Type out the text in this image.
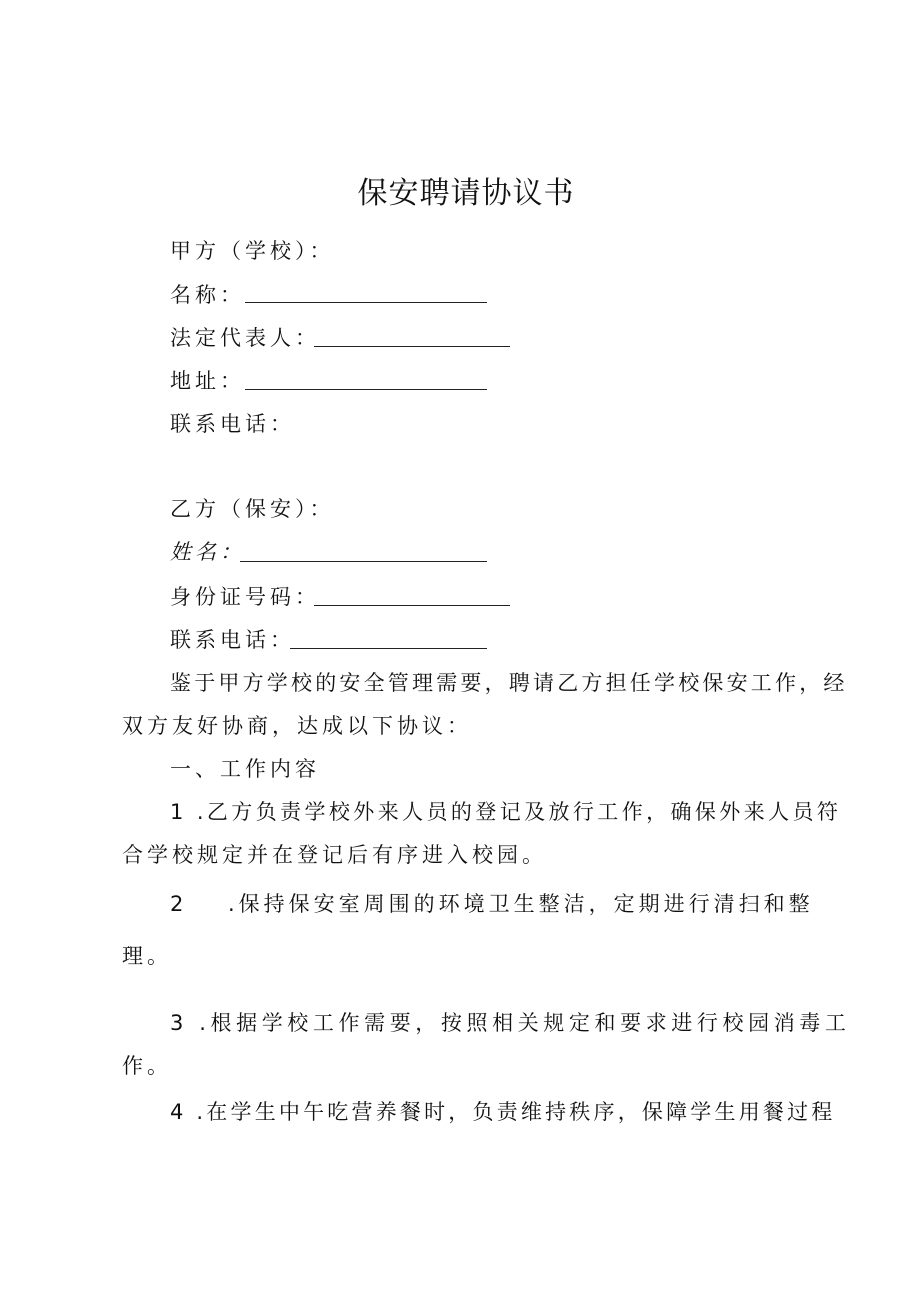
保安聘请协议书
甲方（学校）：
名称：
法定代表人：
地址：
联系电话：
乙方（保安）：
姓名：
身份证号码：
联系电话：
鉴于甲方学校的安全管理需要，聘请乙方担任学校保安工作，经
双方友好协商，达成以下协议：
一、工作内容
1 .乙方负责学校外来人员的登记及放行工作，确保外来人员符
合学校规定并在登记后有序进入校园。
2 .保持保安室周围的环境卫生整洁，定期进行清扫和整
理。
3 .根据学校工作需要，按照相关规定和要求进行校园消毒工
作。
4 .在学生中午吃营养餐时，负责维持秩序，保障学生用餐过程
